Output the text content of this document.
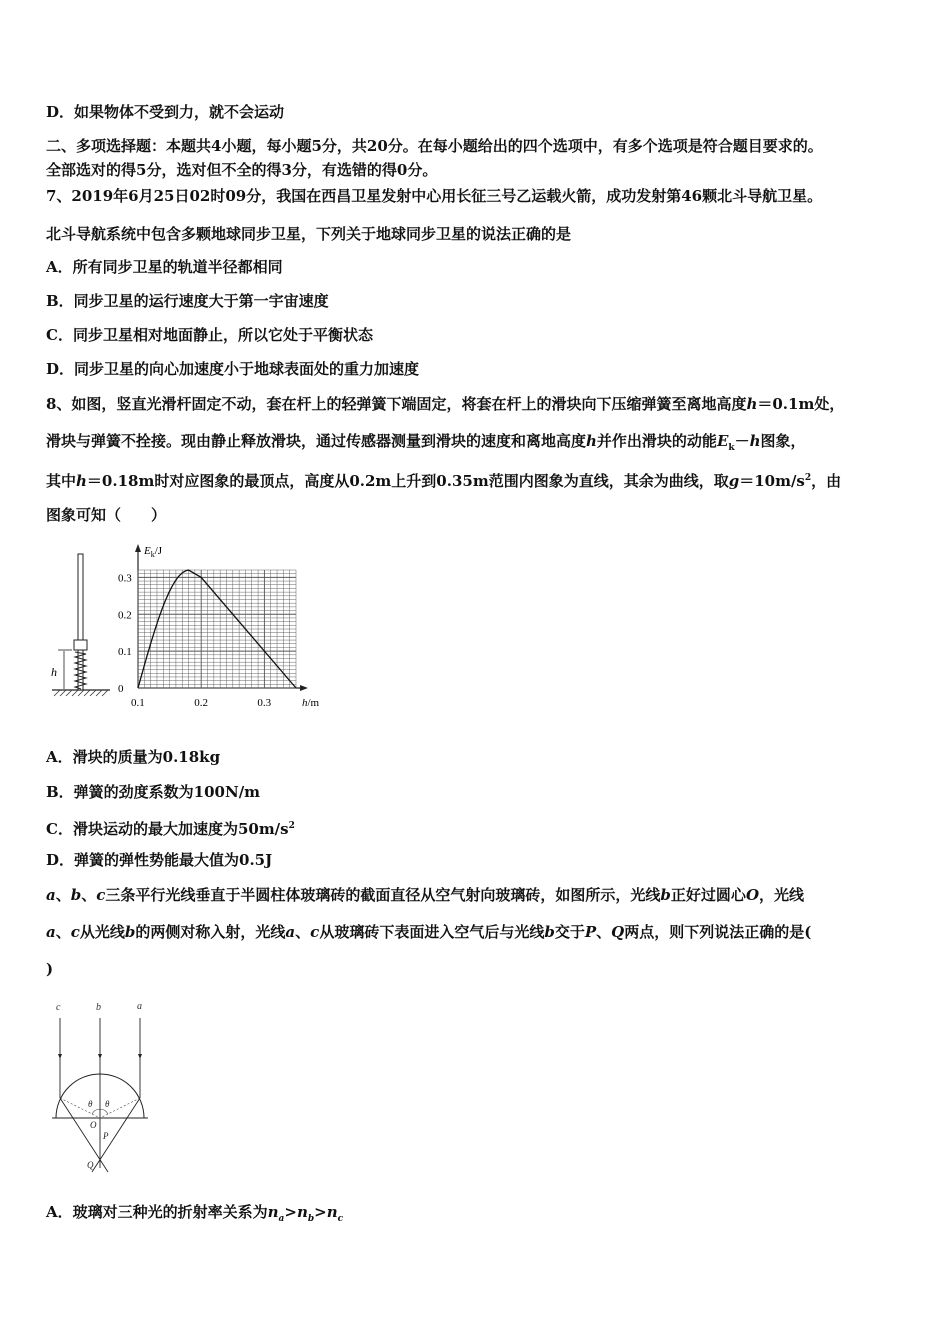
D．如果物体不受到力，就不会运动
二、多项选择题：本题共4小题，每小题5分，共20分。在每小题给出的四个选项中，有多个选项是符合题目要求的。
全部选对的得5分，选对但不全的得3分，有选错的得0分。
7、2019年6月25日02时09分，我国在西昌卫星发射中心用长征三号乙运载火箭，成功发射第46颗北斗导航卫星。
北斗导航系统中包含多颗地球同步卫星，下列关于地球同步卫星的说法正确的是
A．所有同步卫星的轨道半径都相同
B．同步卫星的运行速度大于第一宇宙速度
C．同步卫星相对地面静止，所以它处于平衡状态
D．同步卫星的向心加速度小于地球表面处的重力加速度
8、如图，竖直光滑杆固定不动，套在杆上的轻弹簧下端固定，将套在杆上的滑块向下压缩弹簧至离地高度h＝0.1m处，
滑块与弹簧不拴接。现由静止释放滑块，通过传感器测量到滑块的速度和离地高度h并作出滑块的动能$E_k-h$图象，
其中h＝0.18m时对应图象的最顶点，高度从0.2m上升到0.35m范围内图象为直线，其余为曲线，取$g=10m/s^2$，由
图象可知（　　）
h
$E_k/J$
h/m
0.3
0.2
0.1
0
0.1	0.2	0.3
A．滑块的质量为0.18kg
B．弹簧的劲度系数为100N/m
C．滑块运动的最大加速度为$50m/s^2$
D．弹簧的弹性势能最大值为0.5J
a、b、c三条平行光线垂直于半圆柱体玻璃砖的截面直径从空气射向玻璃砖，如图所示，光线b正好过圆心O，光线
a、c从光线b的两侧对称入射，光线a、c从玻璃砖下表面进入空气后与光线b交于P、Q两点，则下列说法正确的是(
)
c	b	a
θ θ
O
P
Q
A．玻璃对三种光的折射率关系为$n_a>n_b>n_c$
